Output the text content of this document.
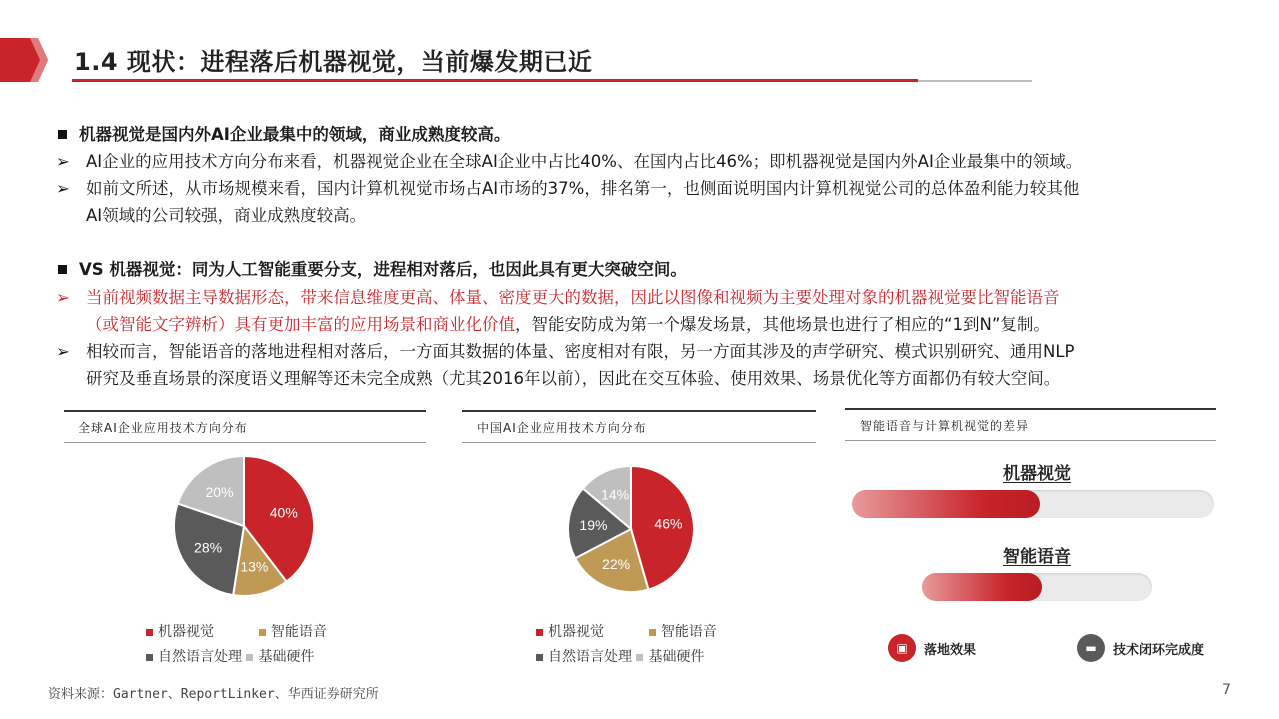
1.4 现状：进程落后机器视觉，当前爆发期已近
机器视觉是国内外AI企业最集中的领域，商业成熟度较高。
➢ AI企业的应用技术方向分布来看，机器视觉企业在全球AI企业中占比40%、在国内占比46%；即机器视觉是国内外AI企业最集中的领域。
➢ 如前文所述，从市场规模来看，国内计算机视觉市场占AI市场的37%，排名第一，也侧面说明国内计算机视觉公司的总体盈利能力较其他
AI领域的公司较强，商业成熟度较高。
VS 机器视觉：同为人工智能重要分支，进程相对落后，也因此具有更大突破空间。
➢ 当前视频数据主导数据形态，带来信息维度更高、体量、密度更大的数据，因此以图像和视频为主要处理对象的机器视觉要比智能语音
（或智能文字辨析）具有更加丰富的应用场景和商业化价值，智能安防成为第一个爆发场景，其他场景也进行了相应的“1到N”复制。
➢ 相较而言，智能语音的落地进程相对落后，一方面其数据的体量、密度相对有限，另一方面其涉及的声学研究、模式识别研究、通用NLP
研究及垂直场景的深度语义理解等还未完全成熟（尤其2016年以前），因此在交互体验、使用效果、场景优化等方面都仍有较大空间。
全球AI企业应用技术方向分布
40%
13%
28%
20%
机器视觉	智能语音
自然语言处理 基础硬件
中国AI企业应用技术方向分布
46%
22%
19%
14%
机器视觉	智能语音
自然语言处理 基础硬件
智能语音与计算机视觉的差异
机器视觉
智能语音
▣	落地效果	▬	技术闭环完成度
资料来源：Gartner、ReportLinker、华西证券研究所	7
